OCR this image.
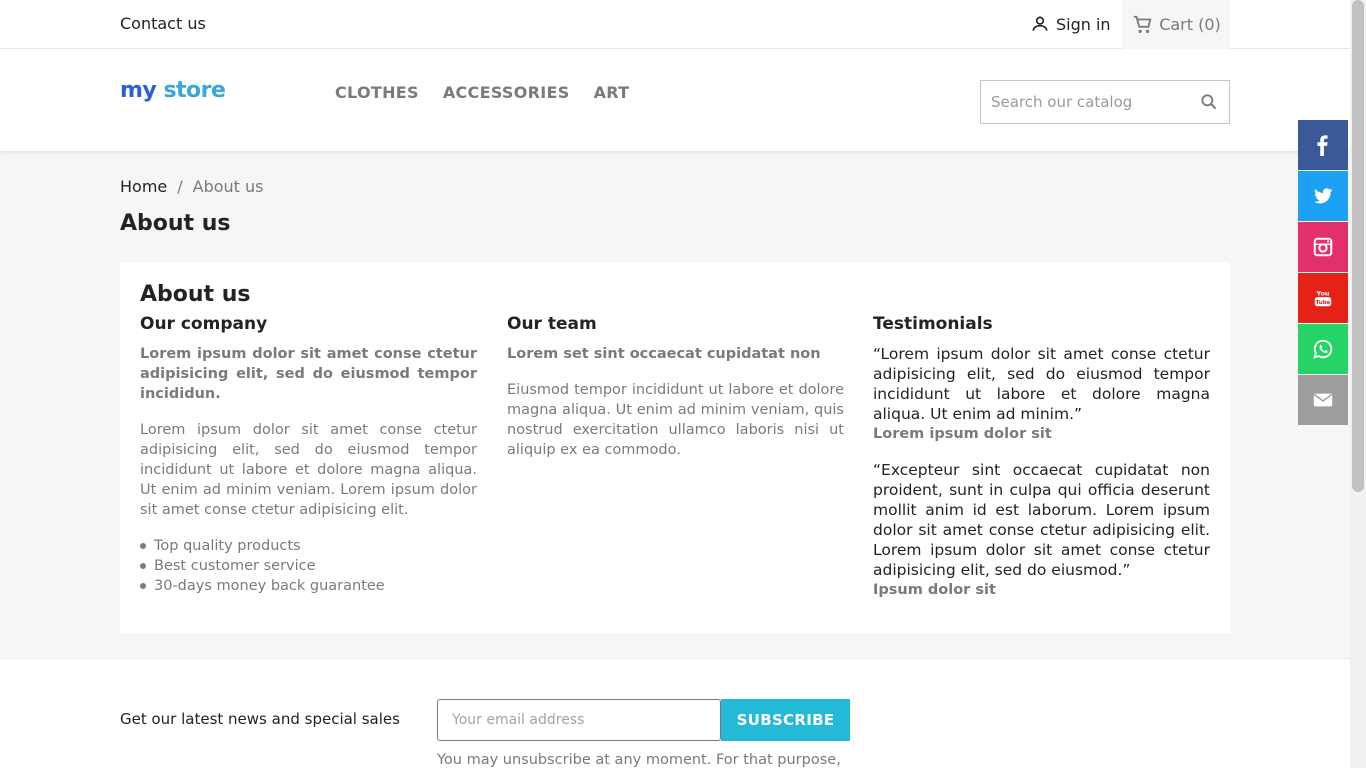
Contact us	Sign in	Cart (0)
my store	CLOTHES ACCESSORIES ART
Search our catalog
Home / About us
About us
About us
Our company

Lorem ipsum dolor sit amet conse ctetur adipisicing elit, sed do eiusmod tempor incididun.

Lorem ipsum dolor sit amet conse ctetur adipisicing elit, sed do eiusmod tempor incididunt ut labore et dolore magna aliqua. Ut enim ad minim veniam. Lorem ipsum dolor sit amet conse ctetur adipisicing elit.

Top quality products
Best customer service
30-days money back guarantee
Our team

Lorem set sint occaecat cupidatat non

Eiusmod tempor incididunt ut labore et dolore magna aliqua. Ut enim ad minim veniam, quis nostrud exercitation ullamco laboris nisi ut aliquip ex ea commodo.

Testimonials

“Lorem ipsum dolor sit amet conse ctetur adipisicing elit, sed do eiusmod tempor incididunt ut labore et dolore magna aliqua. Ut enim ad minim.”

Lorem ipsum dolor sit

“Excepteur sint occaecat cupidatat non proident, sunt in culpa qui officia deserunt mollit anim id est laborum. Lorem ipsum dolor sit amet conse ctetur adipisicing elit. Lorem ipsum dolor sit amet conse ctetur adipisicing elit, sed do eiusmod.”

Ipsum dolor sit

Get our latest news and special sales
Your email address	SUBSCRIBE
You may unsubscribe at any moment. For that purpose,
You
Tube
